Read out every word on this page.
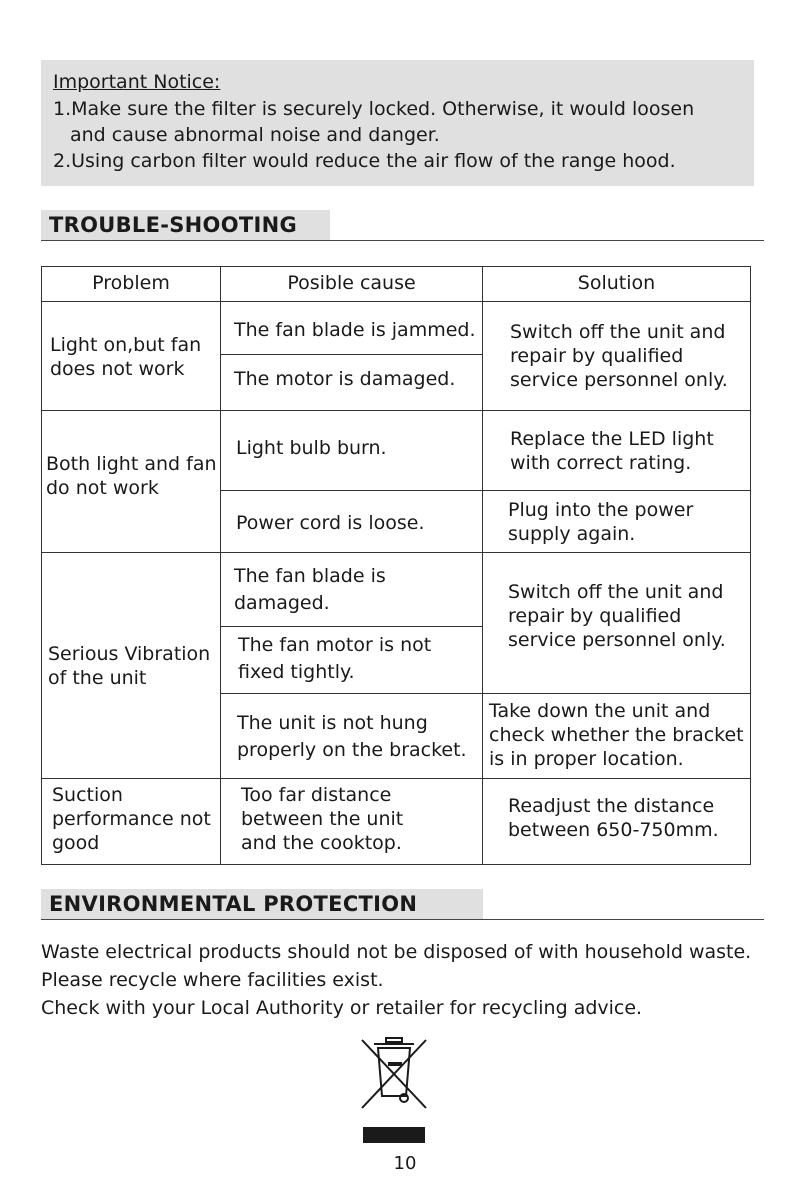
Important Notice:

1.Make sure the filter is securely locked. Otherwise, it would loosen

and cause abnormal noise and danger.

2.Using carbon filter would reduce the air flow of the range hood.

TROUBLE-SHOOTING
Problem	Posible cause	Solution
Light on,but fan
does not work
The fan blade is jammed.
The motor is damaged.
Switch off the unit and
repair by qualified
service personnel only.
Both light and fan
do not work
Light bulb burn.
Power cord is loose.
Replace the LED light
with correct rating.
Plug into the power
supply again.
Serious Vibration
of the unit
The fan blade is
damaged.
The fan motor is not
fixed tightly.
The unit is not hung
properly on the bracket.
Switch off the unit and
repair by qualified
service personnel only.
Take down the unit and
check whether the bracket
is in proper location.
Suction
performance not
good
Too far distance
between the unit
and the cooktop.
Readjust the distance
between 650-750mm.
ENVIRONMENTAL PROTECTION
Waste electrical products should not be disposed of with household waste.
Please recycle where facilities exist.
Check with your Local Authority or retailer for recycling advice.
10
